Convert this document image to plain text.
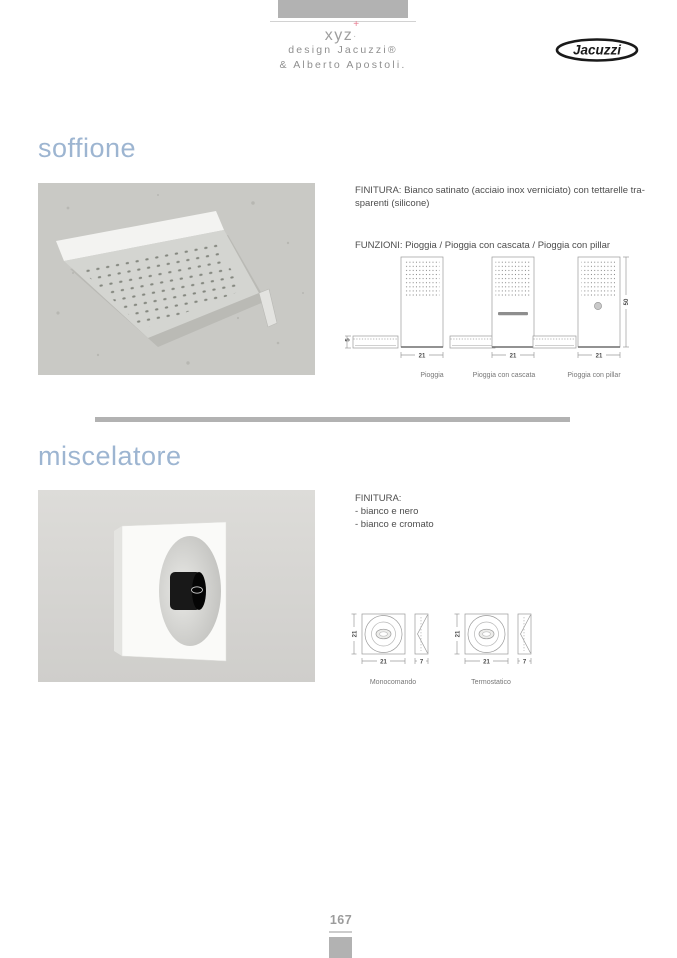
xyz
+
.
design Jacuzzi®
& Alberto Apostoli.
Jacuzzi
soffione
FINITURA: Bianco satinato (acciaio inox verniciato) con tettarelle tra-
sparenti (silicone)
FUNZIONI: Pioggia / Pioggia con cascata / Pioggia con pillar
5
21	21	21
50
Pioggia	Pioggia con cascata	Pioggia con pillar
miscelatore
FINITURA:
- bianco e nero
- bianco e cromato
21
21	7
21
21	7
Monocomando	Termostatico
167
